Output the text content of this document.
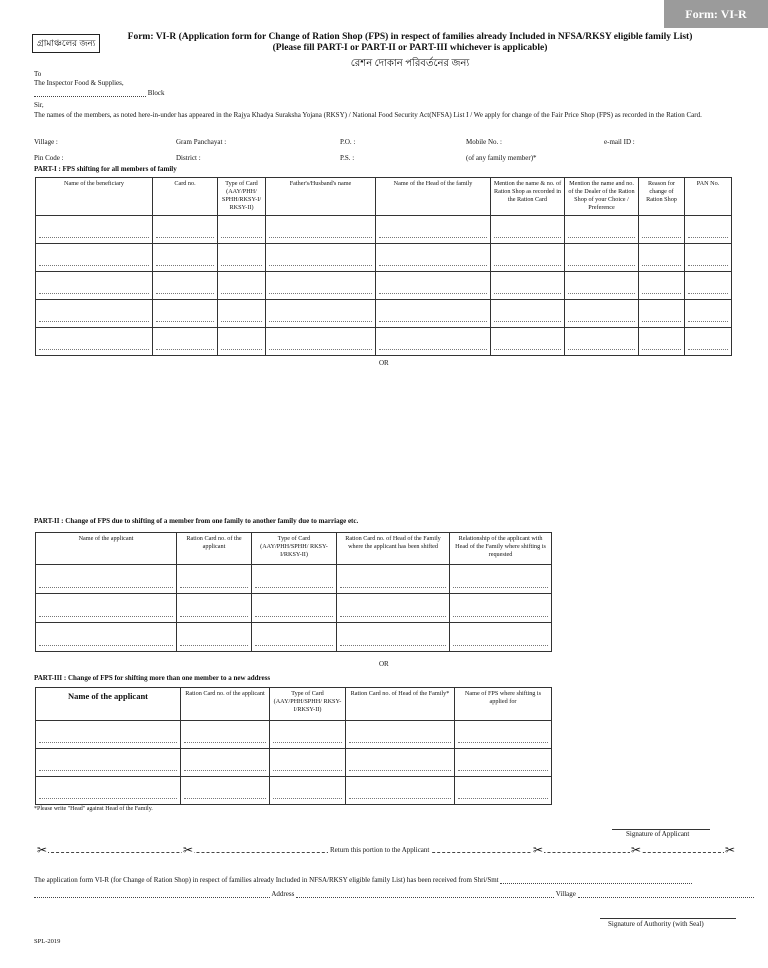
Form: VI-R
গ্রামাঞ্চলের জন্য
Form: VI-R (Application form for Change of Ration Shop (FPS) in respect of families already Included in NFSA/RKSY eligible family List)
(Please fill PART-I or PART-II or PART-III whichever is applicable)
রেশন দোকান পরিবর্তনের জন্য
To
The Inspector Food & Supplies,
Block
Sir,
The names of the members, as noted here-in-under has appeared in the Rajya Khadya Suraksha Yojana (RKSY) / National Food Security Act(NFSA) List I / We apply for change of the Fair Price Shop (FPS) as recorded in the Ration Card.
Village :	Gram Panchayat :	P.O. :	Mobile No. :	e-mail ID :
Pin Code :	District :	P.S. :	(of any family member)*
PART-I : FPS shifting for all members of family
Name of the beneficiary	Card no.	Type of Card (AAY/PHH/ SPHH/RKSY-I/ RKSY-II)	Father's/Husband's name	Name of the Head of the family	Mention the name & no. of Ration Shop as recorded in the Ration Card	Mention the name and no. of the Dealer of the Ration Shop of your Choice / Preference	Reason for change of Ration Shop	PAN No.

OR
PART-II : Change of FPS due to shifting of a member from one family to another family due to marriage etc.
Name of the applicant	Ration Card no. of the applicant	Type of Card (AAY/PHH/SPHH/ RKSY-I/RKSY-II)	Ration Card no. of Head of the Family where the applicant has been shifted	Relationship of the applicant with Head of the Family where shifting is requested

OR
PART-III : Change of FPS for shifting more than one member to a new address
Name of the applicant	Ration Card no. of the applicant	Type of Card (AAY/PHH/SPHH/ RKSY-I/RKSY-II)	Ration Card no. of Head of the Family*	Name of FPS where shifting is applied for

*Please write "Head" against Head of the Family.
Signature of Applicant
✂	✂	Return this portion to the Applicant	✂	✂	✂
The application form VI-R (for Change of Ration Shop) in respect of families already Included in NFSA/RKSY eligible family List) has been received from Shri/Smt
Address	Village
Signature of Authority (with Seal)
SPL-2019
